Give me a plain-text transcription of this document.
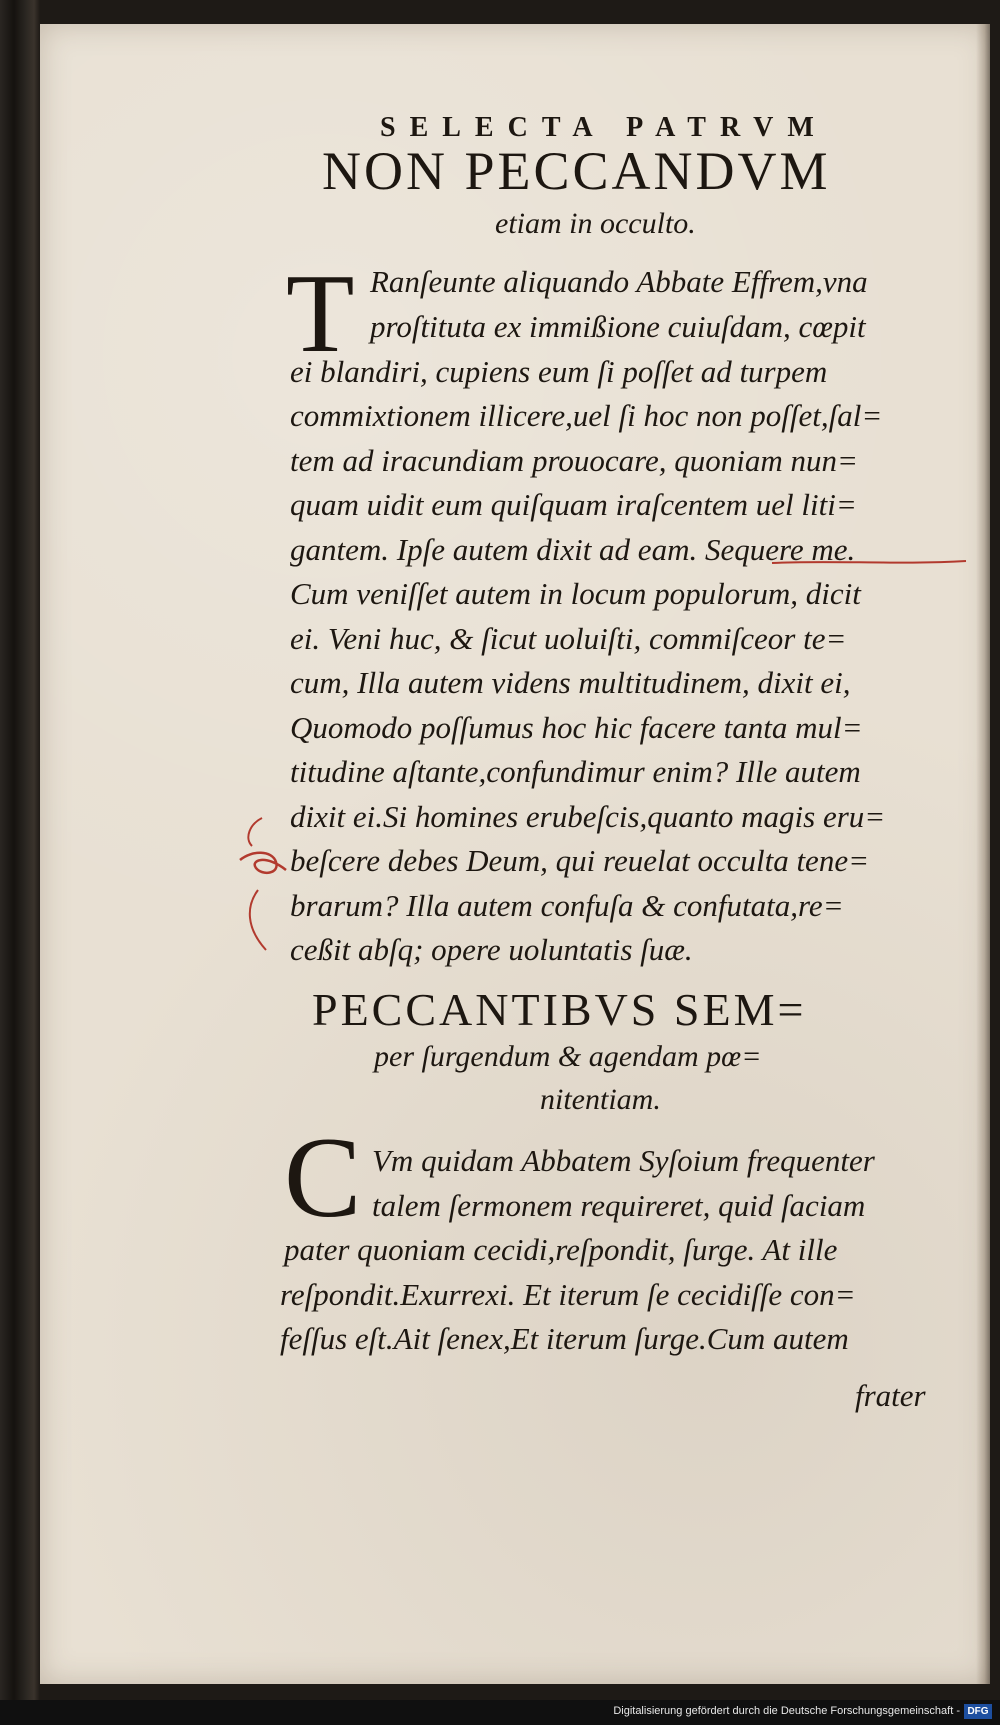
SELECTA PATRVM
NON PECCANDVM
etiam in occulto.
T Ranſeunte aliquando Abbate Effrem,vna
proſtituta ex immißione cuiuſdam, cœpit
ei blandiri, cupiens eum ſi poſſet ad turpem
commixtionem illicere,uel ſi hoc non poſſet,ſal=
tem ad iracundiam prouocare, quoniam nun=
quam uidit eum quiſquam iraſcentem uel liti=
gantem. Ipſe autem dixit ad eam. Sequere me.
Cum veniſſet autem in locum populorum, dicit
ei. Veni huc, & ſicut uoluiſti, commiſceor te=
cum, Illa autem videns multitudinem, dixit ei,
Quomodo poſſumus hoc hic facere tanta mul=
titudine aſtante,confundimur enim? Ille autem
dixit ei.Si homines erubeſcis,quanto magis eru=
beſcere debes Deum, qui reuelat occulta tene=
brarum? Illa autem confuſa & confutata,re=
ceßit abſq; opere uoluntatis ſuæ.
PECCANTIBVS SEM=
per ſurgendum & agendam pœ=
nitentiam.
C Vm quidam Abbatem Syſoium frequenter
talem ſermonem requireret, quid ſaciam
pater quoniam cecidi,reſpondit, ſurge. At ille
reſpondit.Exurrexi. Et iterum ſe cecidiſſe con=
feſſus eſt.Ait ſenex,Et iterum ſurge.Cum autem
frater
Digitalisierung gefördert durch die Deutsche Forschungsgemeinschaft - DFG
